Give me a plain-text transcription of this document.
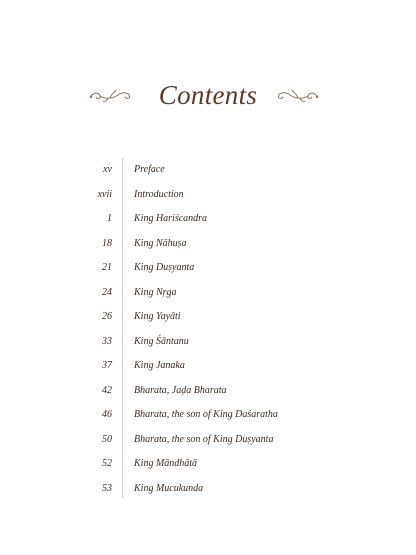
Contents
xv Preface
xvii Introduction
1 King Hariścandra
18 King Nāhuṣa
21 King Duṣyanta
24 King Nṛga
26 King Yayāti
33 King Śāntanu
37 King Janaka
42 Bharata, Jaḍa Bharata
46 Bharata, the son of King Daśaratha
50 Bharata, the son of King Duṣyanta
52 King Māndhātā
53 King Mucukunda
